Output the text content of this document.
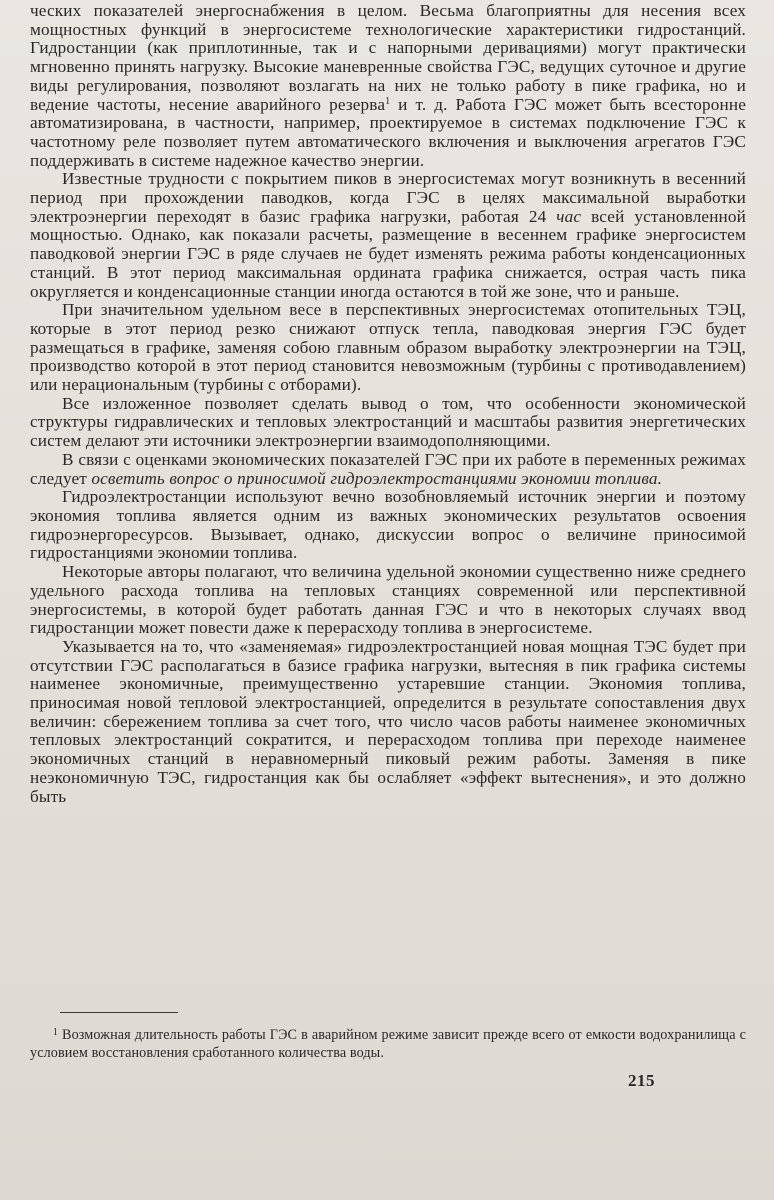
ческих показателей энергоснабжения в целом. Весьма благоприятны для несения всех мощностных функций в энергосистеме технологические характеристики гидростанций. Гидростанции (как приплотинные, так и с напорными деривациями) могут практически мгновенно принять нагрузку. Высокие маневренные свойства ГЭС, ведущих суточное и другие виды регулирования, позволяют возлагать на них не только работу в пике графика, но и ведение частоты, несение аварийного резерва$^1$ и т. д. Работа ГЭС может быть всесторонне автоматизирована, в частности, например, проектируемое в системах подключение ГЭС к частотному реле позволяет путем автоматического включения и выключения агрегатов ГЭС поддерживать в системе надежное качество энергии.

Известные трудности с покрытием пиков в энергосистемах могут возникнуть в весенний период при прохождении паводков, когда ГЭС в целях максимальной выработки электроэнергии переходят в базис графика нагрузки, работая 24 час всей установленной мощностью. Однако, как показали расчеты, размещение в весеннем графике энергосистем паводковой энергии ГЭС в ряде случаев не будет изменять режима работы конденсационных станций. В этот период максимальная ордината графика снижается, острая часть пика округляется и конденсационные станции иногда остаются в той же зоне, что и раньше.

При значительном удельном весе в перспективных энергосистемах отопительных ТЭЦ, которые в этот период резко снижают отпуск тепла, паводковая энергия ГЭС будет размещаться в графике, заменяя собою главным образом выработку электроэнергии на ТЭЦ, производство которой в этот период становится невозможным (турбины с противодавлением) или нерациональным (турбины с отборами).

Все изложенное позволяет сделать вывод о том, что особенности экономической структуры гидравлических и тепловых электростанций и масштабы развития энергетических систем делают эти источники электроэнергии взаимодополняющими.

В связи с оценками экономических показателей ГЭС при их работе в переменных режимах следует осветить вопрос о приносимой гидроэлектростанциями экономии топлива.

Гидроэлектростанции используют вечно возобновляемый источник энергии и поэтому экономия топлива является одним из важных экономических результатов освоения гидроэнергоресурсов. Вызывает, однако, дискуссии вопрос о величине приносимой гидростанциями экономии топлива.

Некоторые авторы полагают, что величина удельной экономии существенно ниже среднего удельного расхода топлива на тепловых станциях современной или перспективной энергосистемы, в которой будет работать данная ГЭС и что в некоторых случаях ввод гидростанции может повести даже к перерасходу топлива в энергосистеме.

Указывается на то, что «заменяемая» гидроэлектростанцией новая мощная ТЭС будет при отсутствии ГЭС располагаться в базисе графика нагрузки, вытесняя в пик графика системы наименее экономичные, преимущественно устаревшие станции. Экономия топлива, приносимая новой тепловой электростанцией, определится в результате сопоставления двух величин: сбережением топлива за счет того, что число часов работы наименее экономичных тепловых электростанций сократится, и перерасходом топлива при переходе наименее экономичных станций в неравномерный пиковый режим работы. Заменяя в пике неэкономичную ТЭС, гидростанция как бы ослабляет «эффект вытеснения», и это должно быть

1 Возможная длительность работы ГЭС в аварийном режиме зависит прежде всего от емкости водохранилища с условием восстановления сработанного количества воды.
215
